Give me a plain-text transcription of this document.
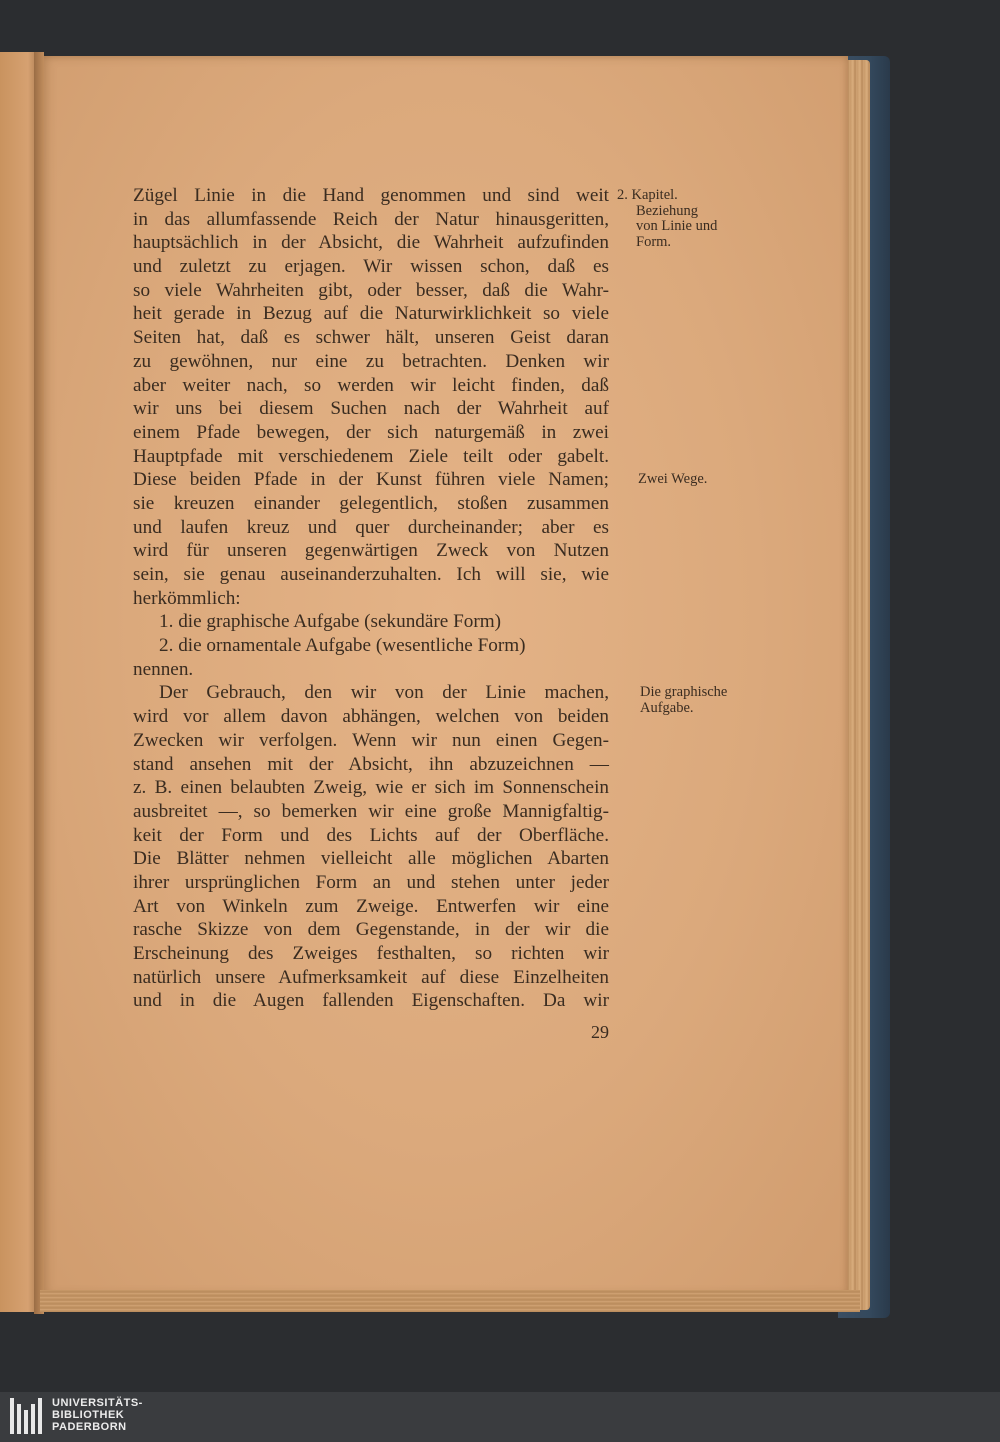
Zügel Linie in die Hand genommen und sind weit
in das allumfassende Reich der Natur hinausgeritten,
hauptsächlich in der Absicht, die Wahrheit aufzufinden
und zuletzt zu erjagen. Wir wissen schon, daß es
so viele Wahrheiten gibt, oder besser, daß die Wahr-
heit gerade in Bezug auf die Naturwirklichkeit so viele
Seiten hat, daß es schwer hält, unseren Geist daran
zu gewöhnen, nur eine zu betrachten. Denken wir
aber weiter nach, so werden wir leicht finden, daß
wir uns bei diesem Suchen nach der Wahrheit auf
einem Pfade bewegen, der sich naturgemäß in zwei
Hauptpfade mit verschiedenem Ziele teilt oder gabelt.
Diese beiden Pfade in der Kunst führen viele Namen;
sie kreuzen einander gelegentlich, stoßen zusammen
und laufen kreuz und quer durcheinander; aber es
wird für unseren gegenwärtigen Zweck von Nutzen
sein, sie genau auseinanderzuhalten. Ich will sie, wie
herkömmlich:
1. die graphische Aufgabe (sekundäre Form)
2. die ornamentale Aufgabe (wesentliche Form)
nennen.
Der Gebrauch, den wir von der Linie machen,
wird vor allem davon abhängen, welchen von beiden
Zwecken wir verfolgen. Wenn wir nun einen Gegen-
stand ansehen mit der Absicht, ihn abzuzeichnen —
z. B. einen belaubten Zweig, wie er sich im Sonnenschein
ausbreitet —, so bemerken wir eine große Mannigfaltig-
keit der Form und des Lichts auf der Oberfläche.
Die Blätter nehmen vielleicht alle möglichen Abarten
ihrer ursprünglichen Form an und stehen unter jeder
Art von Winkeln zum Zweige. Entwerfen wir eine
rasche Skizze von dem Gegenstande, in der wir die
Erscheinung des Zweiges festhalten, so richten wir
natürlich unsere Aufmerksamkeit auf diese Einzelheiten
und in die Augen fallenden Eigenschaften. Da wir
2. Kapitel.
Beziehung
von Linie und
Form.
Zwei Wege.
Die graphische
Aufgabe.
29
UNIVERSITÄTS-
BIBLIOTHEK
PADERBORN
